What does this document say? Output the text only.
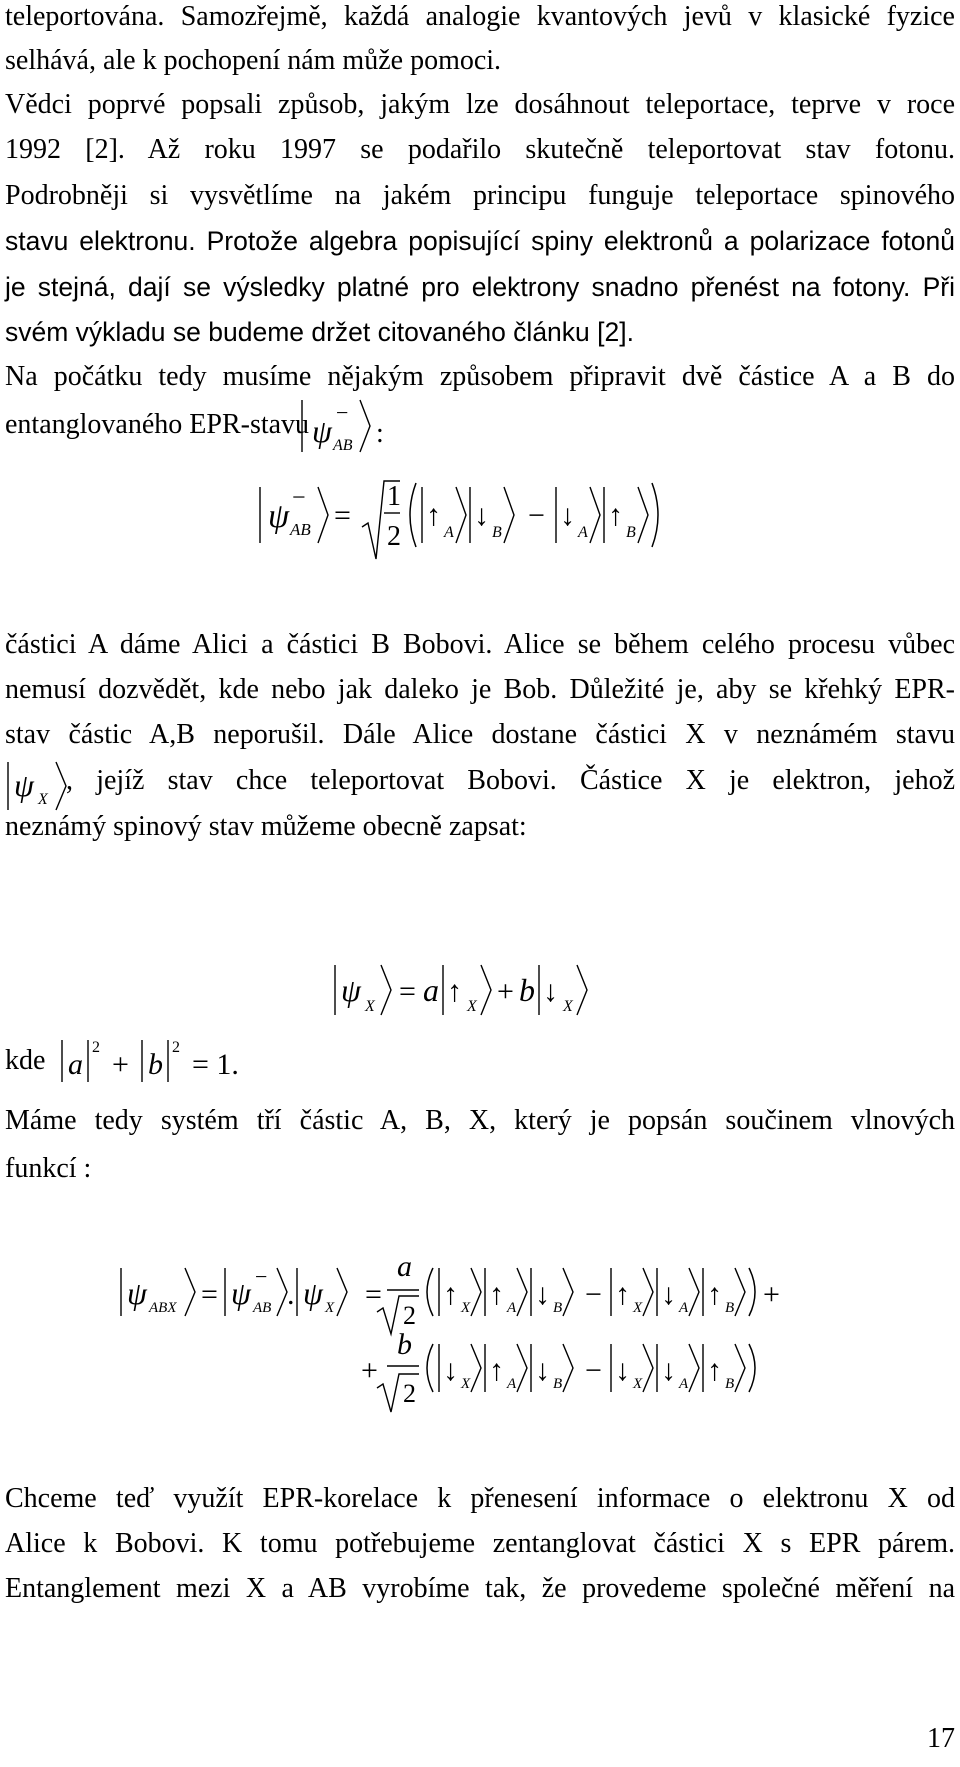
teleportována. Samozřejmě, každá analogie kvantových jevů v klasické fyzice
selhává, ale k pochopení nám může pomoci.
Vědci poprvé popsali způsob, jakým lze dosáhnout teleportace, teprve v roce
1992 [2]. Až roku 1997 se podařilo skutečně teleportovat stav fotonu.
Podrobněji si vysvětlíme na jakém principu funguje teleportace spinového
stavu elektronu. Protože algebra popisující spiny elektronů a polarizace fotonů
je stejná, dají se výsledky platné pro elektrony snadno přenést na fotony. Při
svém výkladu se budeme držet citovaného článku [2].
Na počátku tedy musíme nějakým způsobem připravit dvě částice A a B do
entanglovaného EPR-stavu ψ
−
AB :
ψ −
AB =
1
2
↑
A
↓
B
− ↓
A
↑
B
částici A dáme Alici a částici B Bobovi. Alice se během celého procesu vůbec
nemusí dozvědět, kde nebo jak daleko je Bob. Důležité je, aby se křehký EPR-
stav částic A,B neporušil. Dále Alice dostane částici X v neznámém stavu
ψ X
, jejíž stav chce teleportovat Bobovi. Částice X je elektron, jehož
neznámý spinový stav můžeme obecně zapsat:
ψ X = a ↑ X + b ↓ X
kde a
2
+ b
2
= 1.
Máme tedy systém tří částic A, B, X, který je popsán součinem vlnových
funkcí :
ψ ABX = ψ −
AB . ψ X =
a
2
↑ X ↑ A ↓ B − ↑ X ↓ A ↑ B +
+
b
2
↓ X ↑ A ↓ B − ↓ X ↓ A ↑ B
Chceme teď využít EPR-korelace k přenesení informace o elektronu X od
Alice k Bobovi. K tomu potřebujeme zentanglovat částici X s EPR párem.
Entanglement mezi X a AB vyrobíme tak, že provedeme společné měření na
17
